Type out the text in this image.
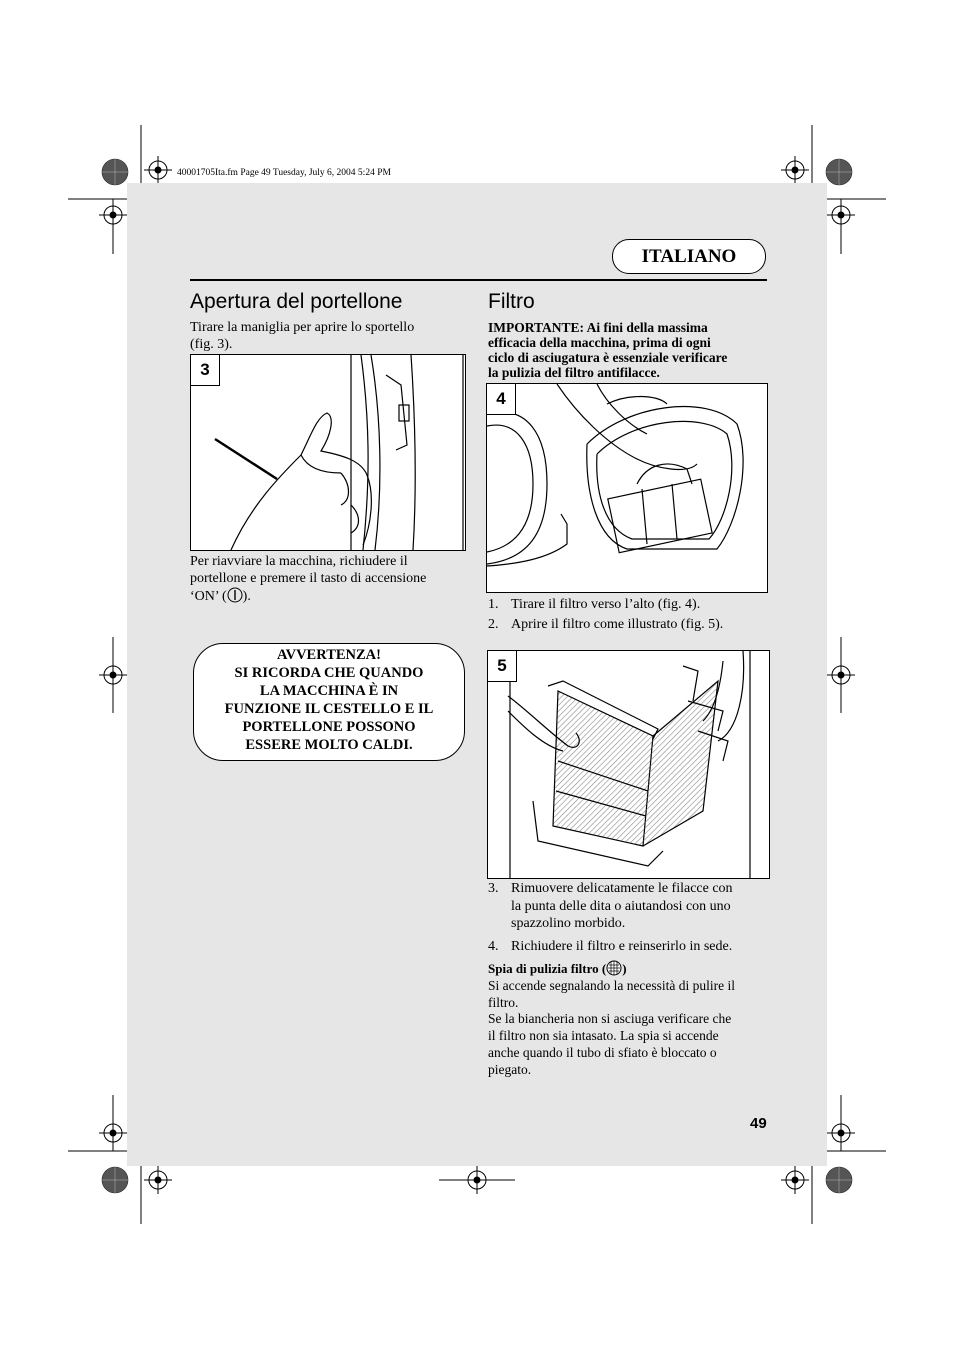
40001705Ita.fm Page 49 Tuesday, July 6, 2004 5:24 PM
ITALIANO
Apertura del portellone
Tirare la maniglia per aprire lo sportello
(fig. 3).
3
Per riavviare la macchina, richiudere il
portellone e premere il tasto di accensione
‘ON’ ( ).
AVVERTENZA!
SI RICORDA CHE QUANDO
LA MACCHINA È IN
FUNZIONE IL CESTELLO E IL
PORTELLONE POSSONO
ESSERE MOLTO CALDI.
Filtro
IMPORTANTE: Ai fini della massima
efficacia della macchina, prima di ogni
ciclo di asciugatura è essenziale verificare
la pulizia del filtro antifilacce.
4
1. Tirare il filtro verso l’alto (fig. 4).
2. Aprire il filtro come illustrato (fig. 5).
5
3. Rimuovere delicatamente le filacce con
la punta delle dita o aiutandosi con uno
spazzolino morbido.
4. Richiudere il filtro e reinserirlo in sede.
Spia di pulizia filtro ( )
Si accende segnalando la necessità di pulire il
filtro.
Se la biancheria non si asciuga verificare che
il filtro non sia intasato. La spia si accende
anche quando il tubo di sfiato è bloccato o
piegato.
49
